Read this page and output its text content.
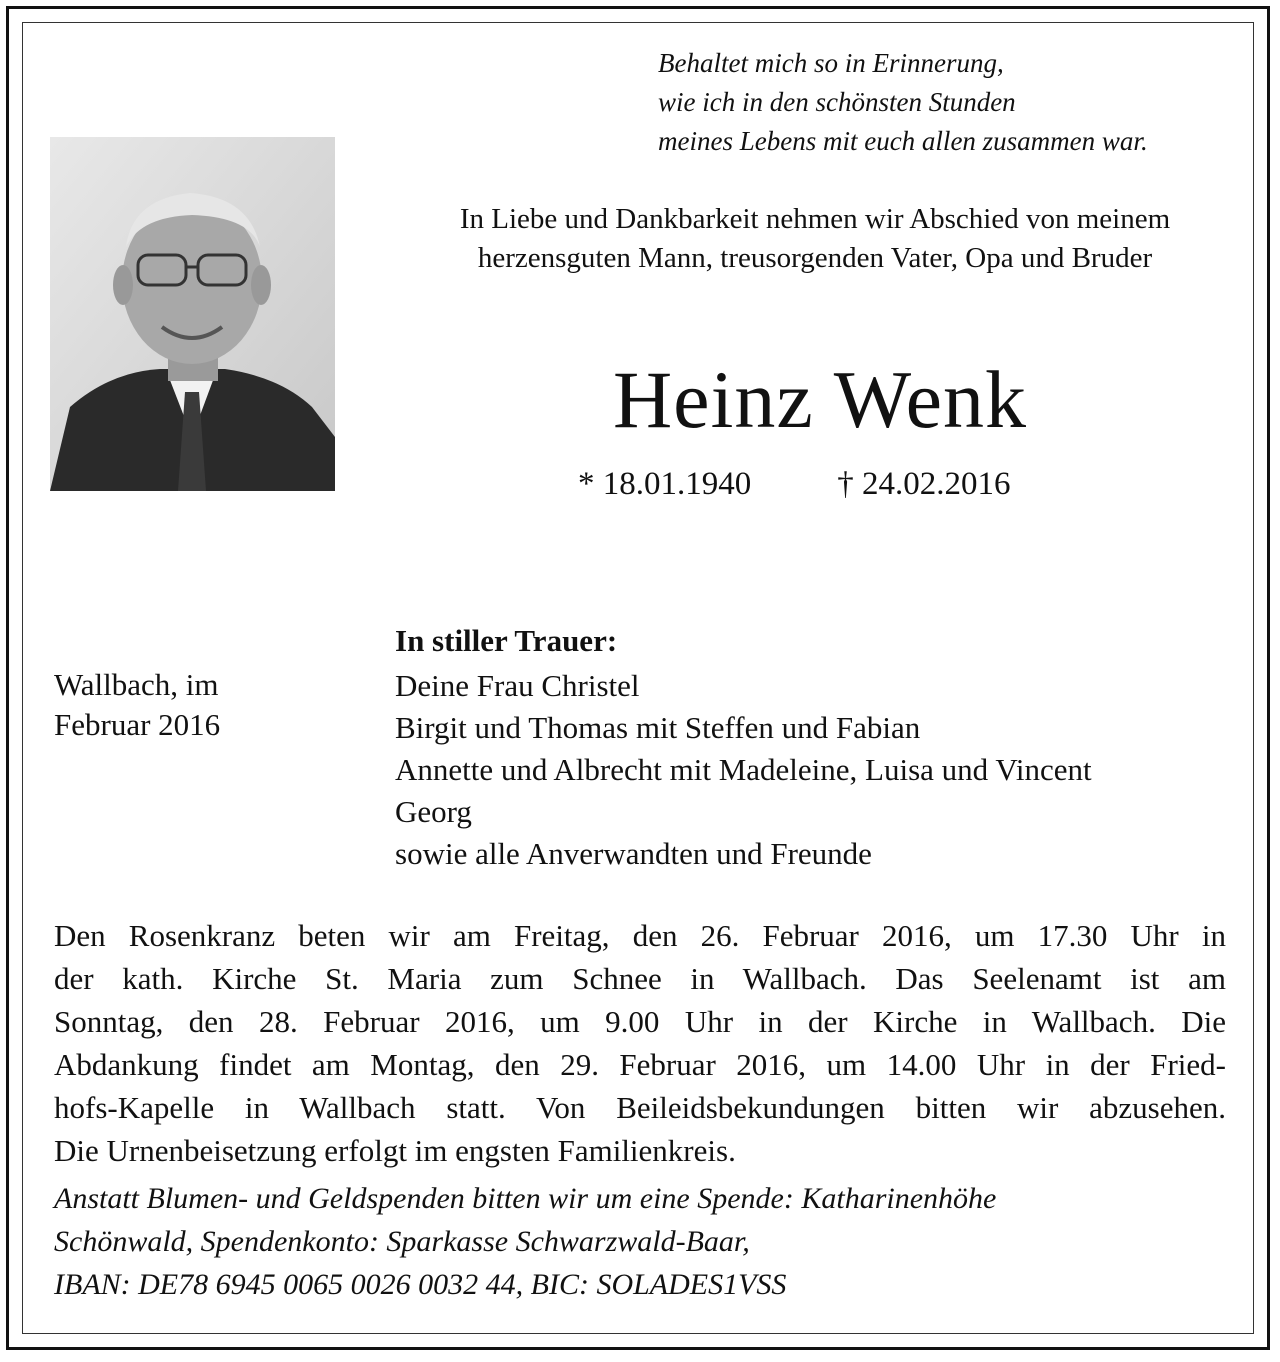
Behaltet mich so in Erinnerung,
wie ich in den schönsten Stunden
meines Lebens mit euch allen zusammen war.
In Liebe und Dankbarkeit nehmen wir Abschied von meinem
herzensguten Mann, treusorgenden Vater, Opa und Bruder
Heinz Wenk
* 18.01.1940	† 24.02.2016
Wallbach, im
Februar 2016
In stiller Trauer:
Deine Frau Christel
Birgit und Thomas mit Steffen und Fabian
Annette und Albrecht mit Madeleine, Luisa und Vincent
Georg
sowie alle Anverwandten und Freunde
Den Rosenkranz beten wir am Freitag, den 26. Februar 2016, um 17.30 Uhr in
der kath. Kirche St. Maria zum Schnee in Wallbach. Das Seelenamt ist am
Sonntag, den 28. Februar 2016, um 9.00 Uhr in der Kirche in Wallbach. Die
Abdankung findet am Montag, den 29. Februar 2016, um 14.00 Uhr in der Fried-
hofs-Kapelle in Wallbach statt. Von Beileidsbekundungen bitten wir abzusehen.
Die Urnenbeisetzung erfolgt im engsten Familienkreis.
Anstatt Blumen- und Geldspenden bitten wir um eine Spende: Katharinenhöhe
Schönwald, Spendenkonto: Sparkasse Schwarzwald-Baar,
IBAN: DE78 6945 0065 0026 0032 44, BIC: SOLADES1VSS
